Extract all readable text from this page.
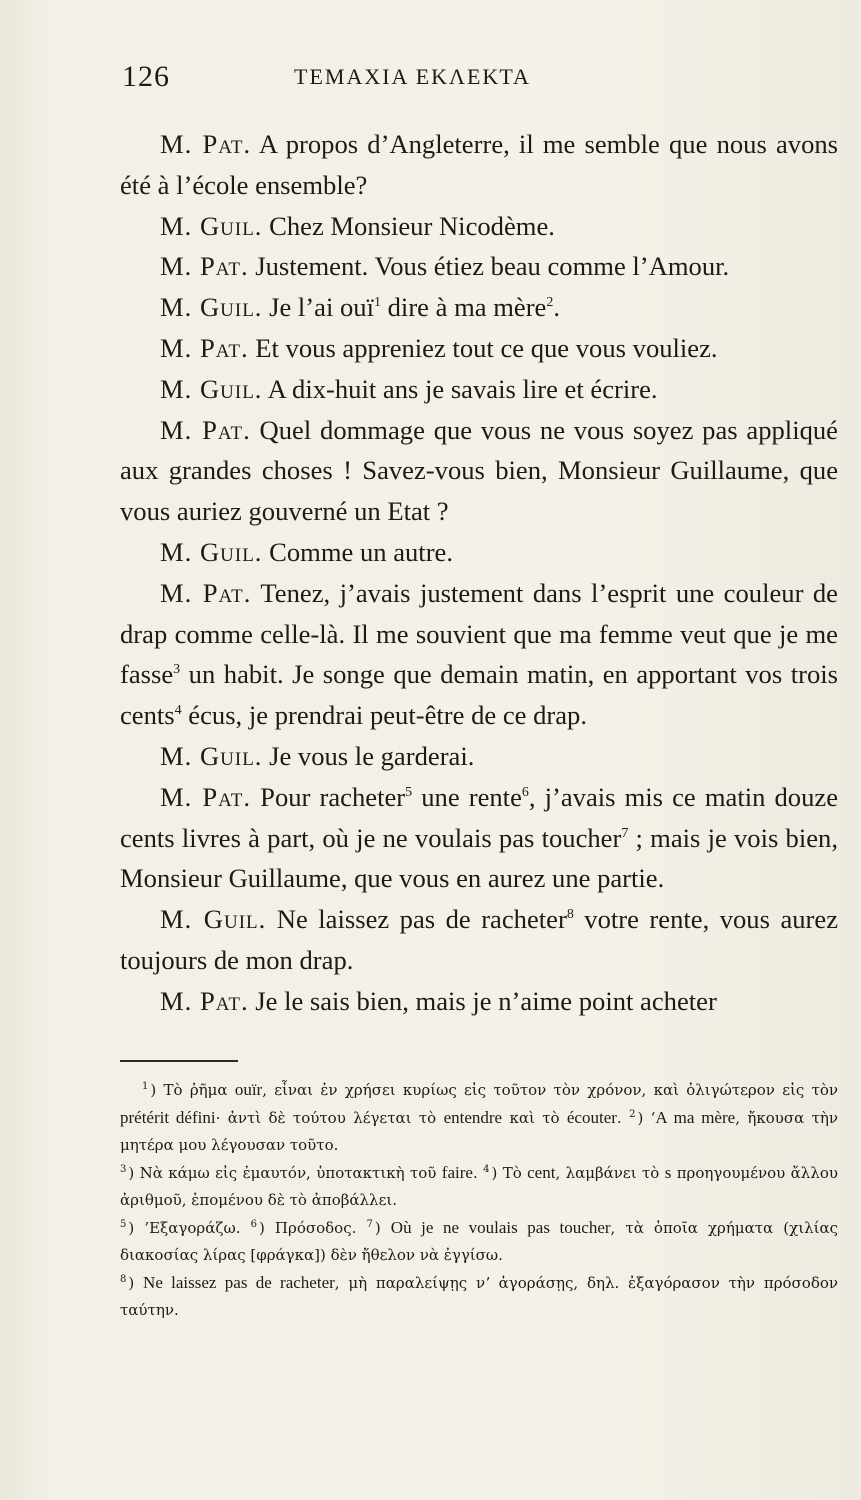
126	ΤΕΜΑΧΙΑ ΕΚΛΕΚΤΑ

M. Pat. A propos d’Angleterre, il me semble que nous avons été à l’école ensemble?

M. Guil. Chez Monsieur Nicodème.

M. Pat. Justement. Vous étiez beau comme l’Amour.

M. Guil. Je l’ai ouï$^1$ dire à ma mère$^2$.

M. Pat. Et vous appreniez tout ce que vous vouliez.

M. Guil. A dix-huit ans je savais lire et écrire.

M. Pat. Quel dommage que vous ne vous soyez pas appliqué aux grandes choses ! Savez-vous bien, Monsieur Guillaume, que vous auriez gouverné un Etat ?

M. Guil. Comme un autre.

M. Pat. Tenez, j’avais justement dans l’esprit une couleur de drap comme celle-là. Il me souvient que ma femme veut que je me fasse$^3$ un habit. Je songe que demain matin, en apportant vos trois cents$^4$ écus, je prendrai peut-être de ce drap.

M. Guil. Je vous le garderai.

M. Pat. Pour racheter$^5$ une rente$^6$, j’avais mis ce matin douze cents livres à part, où je ne voulais pas toucher$^7$ ; mais je vois bien, Monsieur Guillaume, que vous en aurez une partie.

M. Guil. Ne laissez pas de racheter$^8$ votre rente, vous aurez toujours de mon drap.

M. Pat. Je le sais bien, mais je n’aime point acheter

$^1$ ) Τὸ ῥῆμα ouïr, εἶναι ἐν χρήσει κυρίως εἰς τοῦτον τὸν χρόνον, καὶ ὀλιγώτερον εἰς τὸν prétérit défini· ἀντὶ δὲ τούτου λέγεται τὸ entendre καὶ τὸ écouter. $^2$ ) ‘A ma mère, ἤκουσα τὴν μητέρα μου λέγουσαν τοῦτο.

$^3$ ) Νὰ κάμω εἰς ἐμαυτόν, ὑποτακτικὴ τοῦ faire. $^4$ ) Τὸ cent, λαμβάνει τὸ s προηγουμένου ἄλλου ἀριθμοῦ, ἑπομένου δὲ τὸ ἀποβάλλει.

$^5$ ) ’Εξαγοράζω. $^6$ ) Πρόσοδος. $^7$ ) Où je ne voulais pas toucher, τὰ ὁποῖα χρήματα (χιλίας διακοσίας λίρας [φράγκα]) δὲν ἤθελον νὰ ἐγγίσω.

$^8$ ) Ne laissez pas de racheter, μὴ παραλείψῃς νʼ ἀγοράσῃς, δηλ. ἐξαγόρασον τὴν πρόσοδον ταύτην.
